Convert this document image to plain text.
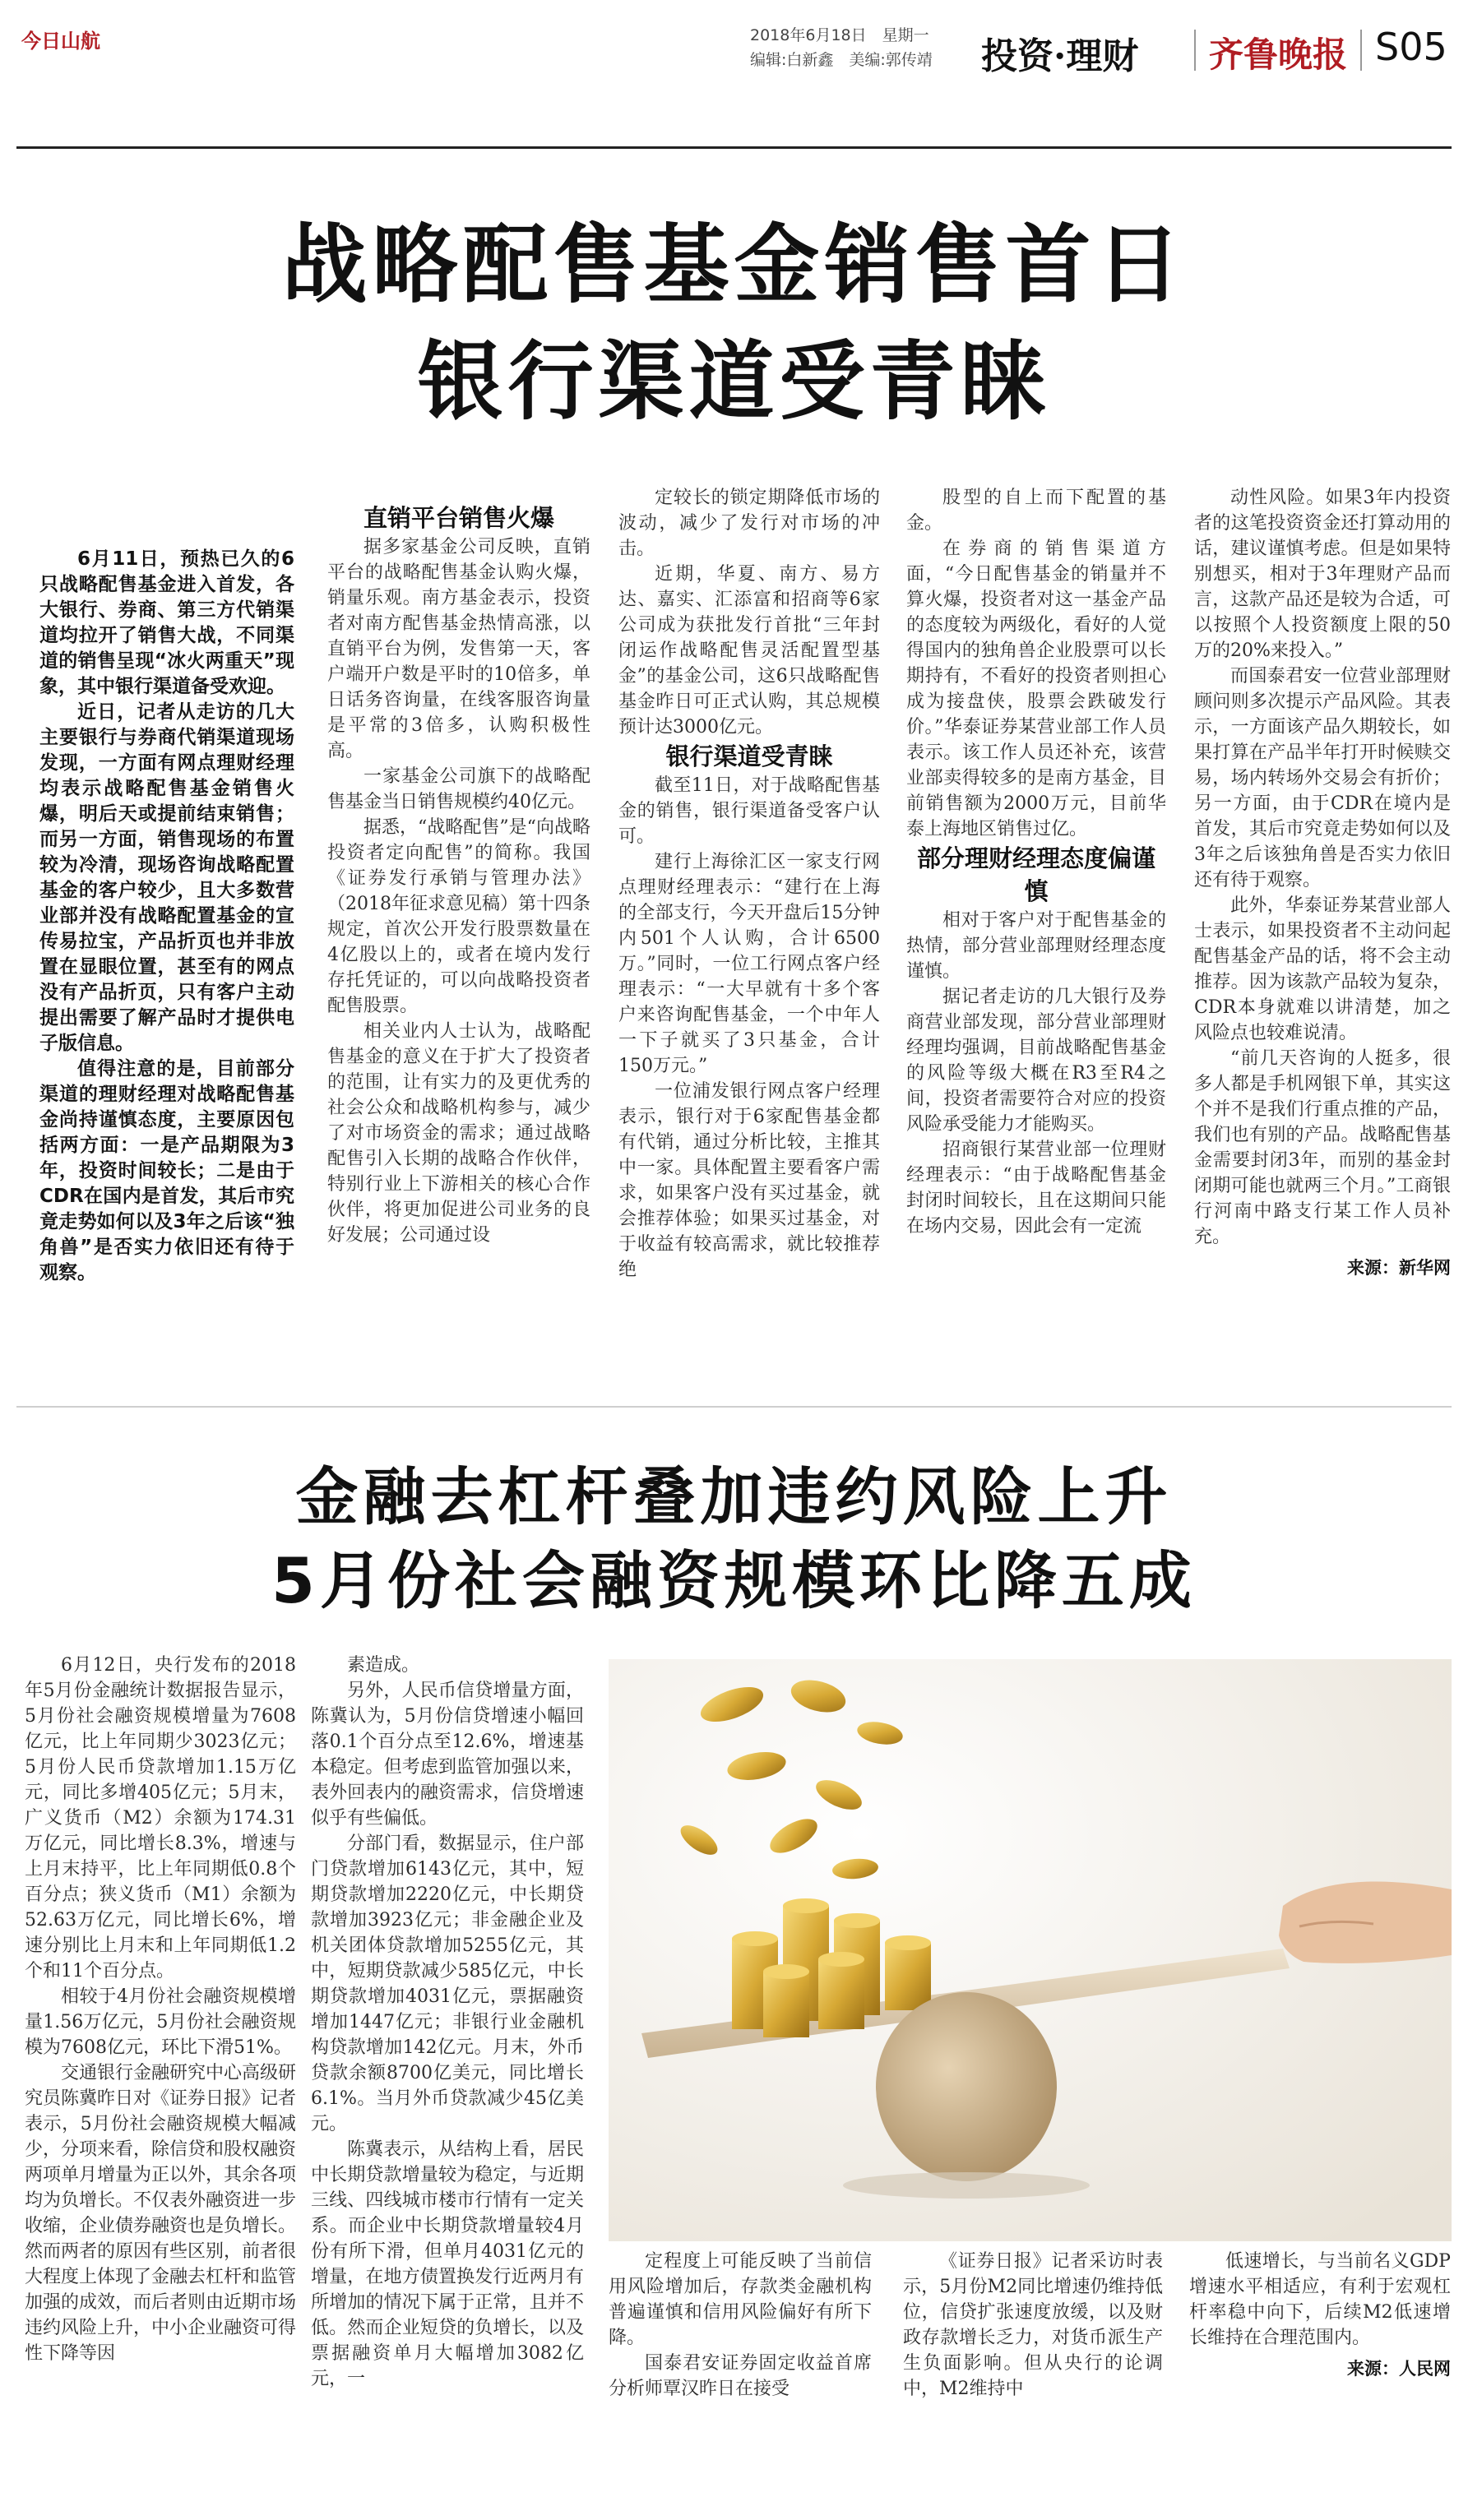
今日山航	2018年6月18日　星期一
编辑:白新鑫　美编:郭传靖 投资·理财 齐鲁晚报 S05
战略配售基金销售首日
银行渠道受青睐

6月11日，预热已久的6只战略配售基金进入首发，各大银行、券商、第三方代销渠道均拉开了销售大战，不同渠道的销售呈现“冰火两重天”现象，其中银行渠道备受欢迎。

近日，记者从走访的几大主要银行与券商代销渠道现场发现，一方面有网点理财经理均表示战略配售基金销售火爆，明后天或提前结束销售；而另一方面，销售现场的布置较为冷清，现场咨询战略配置基金的客户较少，且大多数营业部并没有战略配置基金的宣传易拉宝，产品折页也并非放置在显眼位置，甚至有的网点没有产品折页，只有客户主动提出需要了解产品时才提供电子版信息。

值得注意的是，目前部分渠道的理财经理对战略配售基金尚持谨慎态度，主要原因包括两方面：一是产品期限为3年，投资时间较长；二是由于CDR在国内是首发，其后市究竟走势如何以及3年之后该“独角兽”是否实力依旧还有待于观察。

直销平台销售火爆

据多家基金公司反映，直销平台的战略配售基金认购火爆，销量乐观。南方基金表示，投资者对南方配售基金热情高涨，以直销平台为例，发售第一天，客户端开户数是平时的10倍多，单日话务咨询量，在线客服咨询量是平常的3倍多，认购积极性高。

一家基金公司旗下的战略配售基金当日销售规模约40亿元。

据悉，“战略配售”是“向战略投资者定向配售”的简称。我国《证券发行承销与管理办法》（2018年征求意见稿）第十四条规定，首次公开发行股票数量在4亿股以上的，或者在境内发行存托凭证的，可以向战略投资者配售股票。

相关业内人士认为，战略配售基金的意义在于扩大了投资者的范围，让有实力的及更优秀的社会公众和战略机构参与，减少了对市场资金的需求；通过战略配售引入长期的战略合作伙伴，特别行业上下游相关的核心合作伙伴，将更加促进公司业务的良好发展；公司通过设

定较长的锁定期降低市场的波动，减少了发行对市场的冲击。

近期，华夏、南方、易方达、嘉实、汇添富和招商等6家公司成为获批发行首批“三年封闭运作战略配售灵活配置型基金”的基金公司，这6只战略配售基金昨日可正式认购，其总规模预计达3000亿元。

银行渠道受青睐

截至11日，对于战略配售基金的销售，银行渠道备受客户认可。

建行上海徐汇区一家支行网点理财经理表示：“建行在上海的全部支行，今天开盘后15分钟内501个人认购，合计6500万。”同时，一位工行网点客户经理表示：“一大早就有十多个客户来咨询配售基金，一个中年人一下子就买了3只基金，合计150万元。”

一位浦发银行网点客户经理表示，银行对于6家配售基金都有代销，通过分析比较，主推其中一家。具体配置主要看客户需求，如果客户没有买过基金，就会推荐体验；如果买过基金，对于收益有较高需求，就比较推荐绝

股型的自上而下配置的基金。

在券商的销售渠道方面，“今日配售基金的销量并不算火爆，投资者对这一基金产品的态度较为两级化，看好的人觉得国内的独角兽企业股票可以长期持有，不看好的投资者则担心成为接盘侠，股票会跌破发行价。”华泰证券某营业部工作人员表示。该工作人员还补充，该营业部卖得较多的是南方基金，目前销售额为2000万元，目前华泰上海地区销售过亿。

部分理财经理态度偏谨慎

相对于客户对于配售基金的热情，部分营业部理财经理态度谨慎。

据记者走访的几大银行及券商营业部发现，部分营业部理财经理均强调，目前战略配售基金的风险等级大概在R3至R4之间，投资者需要符合对应的投资风险承受能力才能购买。

招商银行某营业部一位理财经理表示：“由于战略配售基金封闭时间较长，且在这期间只能在场内交易，因此会有一定流

动性风险。如果3年内投资者的这笔投资资金还打算动用的话，建议谨慎考虑。但是如果特别想买，相对于3年理财产品而言，这款产品还是较为合适，可以按照个人投资额度上限的50万的20%来投入。”

而国泰君安一位营业部理财顾问则多次提示产品风险。其表示，一方面该产品久期较长，如果打算在产品半年打开时候赎交易，场内转场外交易会有折价；另一方面，由于CDR在境内是首发，其后市究竟走势如何以及3年之后该独角兽是否实力依旧还有待于观察。

此外，华泰证券某营业部人士表示，如果投资者不主动问起配售基金产品的话，将不会主动推荐。因为该款产品较为复杂，CDR本身就难以讲清楚，加之风险点也较难说清。

“前几天咨询的人挺多，很多人都是手机网银下单，其实这个并不是我们行重点推的产品，我们也有别的产品。战略配售基金需要封闭3年，而别的基金封闭期可能也就两三个月。”工商银行河南中路支行某工作人员补充。

来源：新华网

金融去杠杆叠加违约风险上升
5月份社会融资规模环比降五成

6月12日，央行发布的2018年5月份金融统计数据报告显示，5月份社会融资规模增量为7608亿元，比上年同期少3023亿元；5月份人民币贷款增加1.15万亿元，同比多增405亿元；5月末，广义货币（M2）余额为174.31万亿元，同比增长8.3%，增速与上月末持平，比上年同期低0.8个百分点；狭义货币（M1）余额为52.63万亿元，同比增长6%，增速分别比上月末和上年同期低1.2个和11个百分点。

相较于4月份社会融资规模增量1.56万亿元，5月份社会融资规模为7608亿元，环比下滑51%。

交通银行金融研究中心高级研究员陈冀昨日对《证券日报》记者表示，5月份社会融资规模大幅减少，分项来看，除信贷和股权融资两项单月增量为正以外，其余各项均为负增长。不仅表外融资进一步收缩，企业债券融资也是负增长。然而两者的原因有些区别，前者很大程度上体现了金融去杠杆和监管加强的成效，而后者则由近期市场违约风险上升，中小企业融资可得性下降等因

素造成。

另外，人民币信贷增量方面，陈冀认为，5月份信贷增速小幅回落0.1个百分点至12.6%，增速基本稳定。但考虑到监管加强以来，表外回表内的融资需求，信贷增速似乎有些偏低。

分部门看，数据显示，住户部门贷款增加6143亿元，其中，短期贷款增加2220亿元，中长期贷款增加3923亿元；非金融企业及机关团体贷款增加5255亿元，其中，短期贷款减少585亿元，中长期贷款增加4031亿元，票据融资增加1447亿元；非银行业金融机构贷款增加142亿元。月末，外币贷款余额8700亿美元，同比增长6.1%。当月外币贷款减少45亿美元。

陈冀表示，从结构上看，居民中长期贷款增量较为稳定，与近期三线、四线城市楼市行情有一定关系。而企业中长期贷款增量较4月份有所下滑，但单月4031亿元的增量，在地方债置换发行近两月有所增加的情况下属于正常，且并不低。然而企业短贷的负增长，以及票据融资单月大幅增加3082亿元，一

定程度上可能反映了当前信用风险增加后，存款类金融机构普遍谨慎和信用风险偏好有所下降。

国泰君安证券固定收益首席分析师覃汉昨日在接受

《证券日报》记者采访时表示，5月份M2同比增速仍维持低位，信贷扩张速度放缓，以及财政存款增长乏力，对货币派生产生负面影响。但从央行的论调中，M2维持中

低速增长，与当前名义GDP增速水平相适应，有利于宏观杠杆率稳中向下，后续M2低速增长维持在合理范围内。

来源：人民网
